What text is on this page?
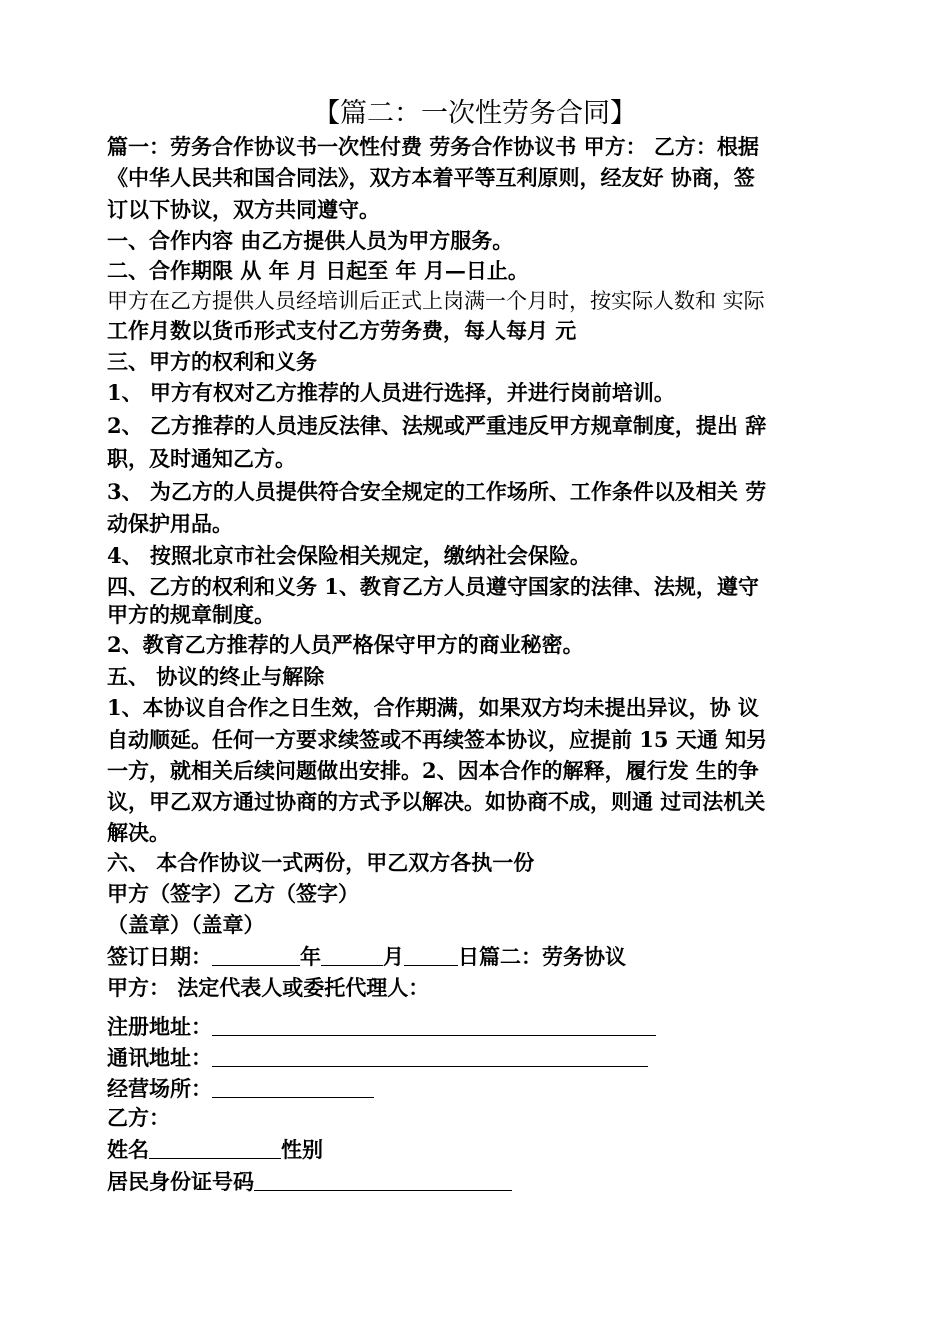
【篇二：一次性劳务合同】
篇一：劳务合作协议书一次性付费 劳务合作协议书 甲方： 乙方：根据
《中华人民共和国合同法》，双方本着平等互利原则，经友好 协商，签
订以下协议，双方共同遵守。
一、合作内容 由乙方提供人员为甲方服务。
二、合作期限 从 年 月 日起至 年 月—日止。
甲方在乙方提供人员经培训后正式上岗满一个月时，按实际人数和 实际
工作月数以货币形式支付乙方劳务费，每人每月 元
三、甲方的权利和义务
1、 甲方有权对乙方推荐的人员进行选择，并进行岗前培训。
2、 乙方推荐的人员违反法律、法规或严重违反甲方规章制度，提出 辞
职，及时通知乙方。
3、 为乙方的人员提供符合安全规定的工作场所、工作条件以及相关 劳
动保护用品。
4、 按照北京市社会保险相关规定，缴纳社会保险。
四、乙方的权利和义务 1、教育乙方人员遵守国家的法律、法规，遵守
甲方的规章制度。
2、教育乙方推荐的人员严格保守甲方的商业秘密。
五、 协议的终止与解除
1、本协议自合作之日生效，合作期满，如果双方均未提出异议，协 议
自动顺延。任何一方要求续签或不再续签本协议，应提前 15 天通 知另
一方，就相关后续问题做出安排。2、因本合作的解释，履行发 生的争
议，甲乙双方通过协商的方式予以解决。如协商不成，则通 过司法机关
解决。
六、 本合作协议一式两份，甲乙双方各执一份
甲方（签字）乙方（签字）
（盖章）（盖章）
签订日期：	年	月	日篇二：劳务协议
甲方： 法定代表人或委托代理人：
注册地址：
通讯地址：
经营场所：
乙方：
姓名	性别
居民身份证号码
